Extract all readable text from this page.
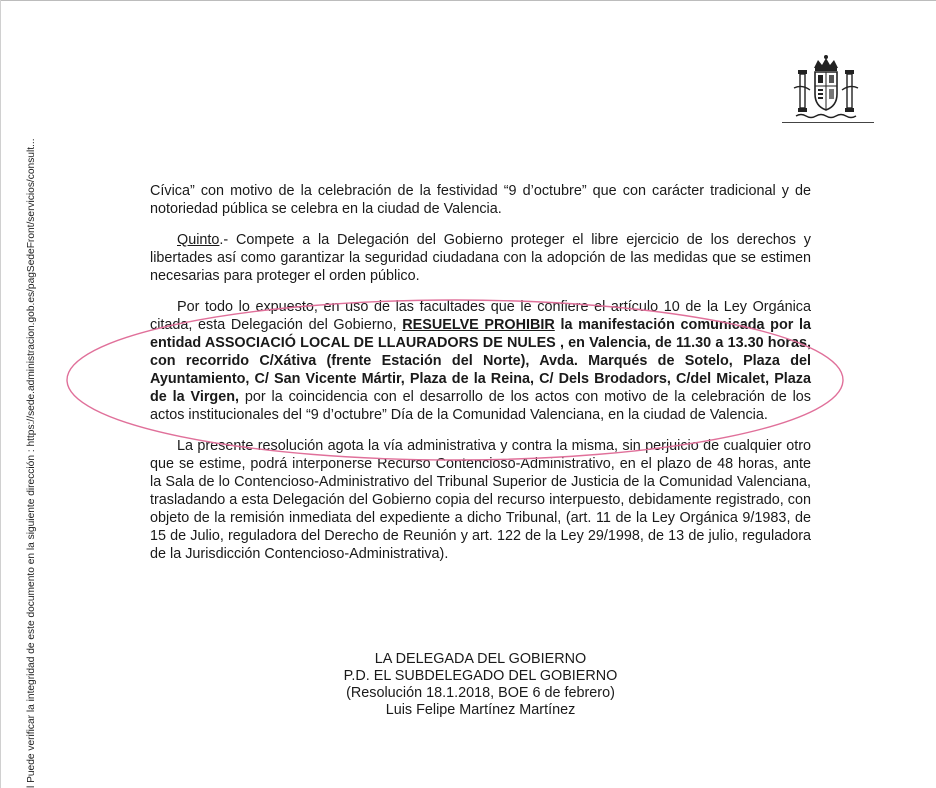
l Puede verificar la integridad de este documento en la siguiente dirección : https://sede.administracion.gob.es/pagSedeFront/servicios/consult...	Cívica” con motivo de la celebración de la festividad “9 d’octubre” que con carácter tradicional y de notoriedad pública se celebra en la ciudad de Valencia.

Quinto.- Compete a la Delegación del Gobierno proteger el libre ejercicio de los derechos y libertades así como garantizar la seguridad ciudadana con la adopción de las medidas que se estimen necesarias para proteger el orden público.

Por todo lo expuesto, en uso de las facultades que le confiere el artículo 10 de la Ley Orgánica citada, esta Delegación del Gobierno, RESUELVE PROHIBIR la manifestación comunicada por la entidad ASSOCIACIÓ LOCAL DE LLAURADORS DE NULES , en Valencia, de 11.30 a 13.30 horas, con recorrido C/Xátiva (frente Estación del Norte), Avda. Marqués de Sotelo, Plaza del Ayuntamiento, C/ San Vicente Mártir, Plaza de la Reina, C/ Dels Brodadors, C/del Micalet, Plaza de la Virgen, por la coincidencia con el desarrollo de los actos con motivo de la celebración de los actos institucionales del “9 d’octubre” Día de la Comunidad Valenciana, en la ciudad de Valencia.

La presente resolución agota la vía administrativa y contra la misma, sin perjuicio de cualquier otro que se estime, podrá interponerse Recurso Contencioso-Administrativo, en el plazo de 48 horas, ante la Sala de lo Contencioso-Administrativo del Tribunal Superior de Justicia de la Comunidad Valenciana, trasladando a esta Delegación del Gobierno copia del recurso interpuesto, debidamente registrado, con objeto de la remisión inmediata del expediente a dicho Tribunal, (art. 11 de la Ley Orgánica 9/1983, de 15 de Julio, reguladora del Derecho de Reunión y art. 122 de la Ley 29/1998, de 13 de julio, reguladora de la Jurisdicción Contencioso-Administrativa).

LA DELEGADA DEL GOBIERNO
P.D. EL SUBDELEGADO DEL GOBIERNO
(Resolución 18.1.2018, BOE 6 de febrero)
Luis Felipe Martínez Martínez
